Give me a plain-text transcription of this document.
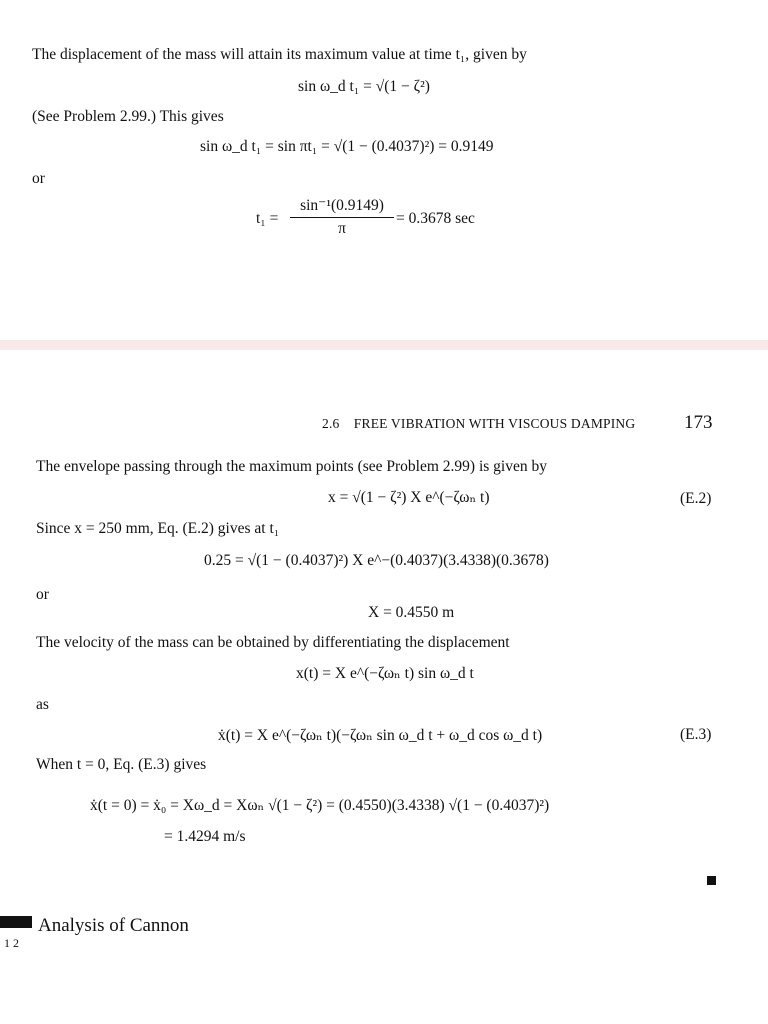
The displacement of the mass will attain its maximum value at time t₁, given by
sin ω_d t₁ = √(1 − ζ²)
(See Problem 2.99.) This gives
sin ω_d t₁ = sin πt₁ = √(1 − (0.4037)²) = 0.9149
or
t₁ =
sin⁻¹(0.9149)
π
= 0.3678 sec
2.6 FREE VIBRATION WITH VISCOUS DAMPING	173
The envelope passing through the maximum points (see Problem 2.99) is given by
x = √(1 − ζ²) X e^(−ζωₙ t)	(E.2)
Since x = 250 mm, Eq. (E.2) gives at t₁
0.25 = √(1 − (0.4037)²) X e^−(0.4037)(3.4338)(0.3678)
or
X = 0.4550 m
The velocity of the mass can be obtained by differentiating the displacement
x(t) = X e^(−ζωₙ t) sin ω_d t
as
ẋ(t) = X e^(−ζωₙ t)(−ζωₙ sin ω_d t + ω_d cos ω_d t)	(E.3)
When t = 0, Eq. (E.3) gives
ẋ(t = 0) = ẋ₀ = Xω_d = Xωₙ √(1 − ζ²) = (0.4550)(3.4338) √(1 − (0.4037)²)
= 1.4294 m/s
Analysis of Cannon
1 2
